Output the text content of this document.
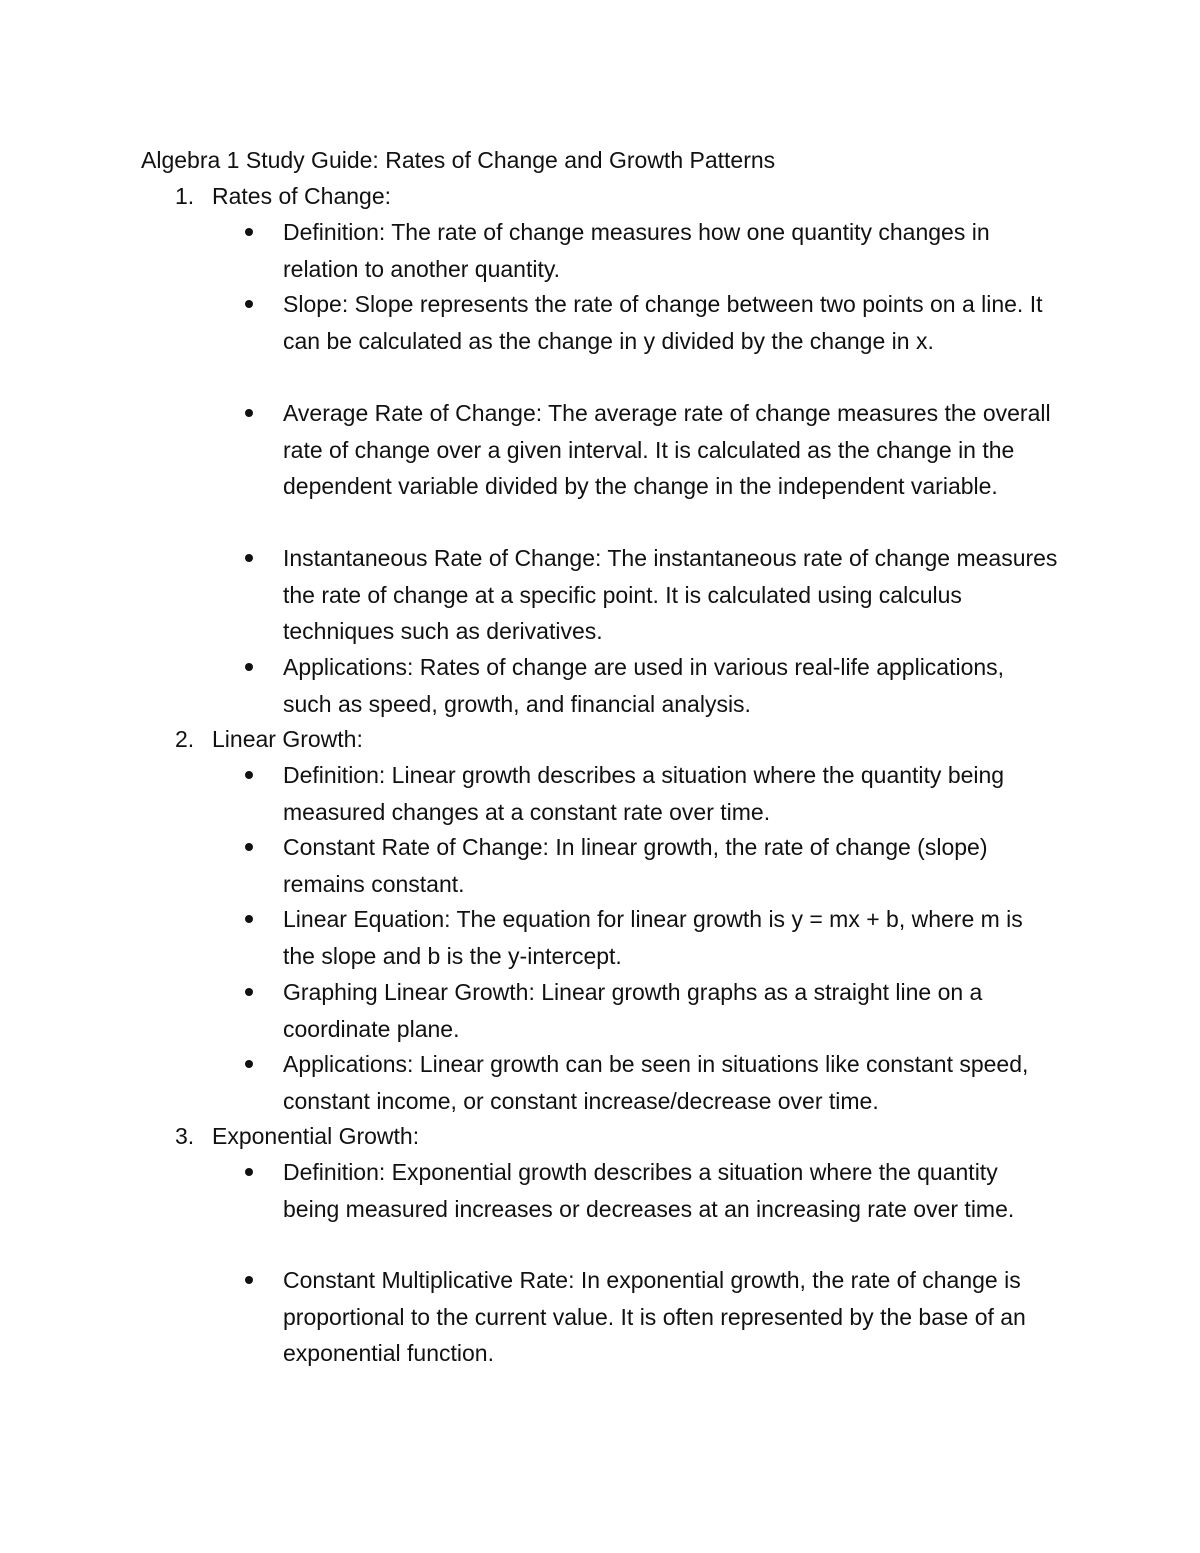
Algebra 1 Study Guide: Rates of Change and Growth Patterns
1. Rates of Change:
Definition: The rate of change measures how one quantity changes in relation to another quantity.
Slope: Slope represents the rate of change between two points on a line. It can be calculated as the change in y divided by the change in x.
Average Rate of Change: The average rate of change measures the overall rate of change over a given interval. It is calculated as the change in the dependent variable divided by the change in the independent variable.
Instantaneous Rate of Change: The instantaneous rate of change measures the rate of change at a specific point. It is calculated using calculus techniques such as derivatives.
Applications: Rates of change are used in various real-life applications, such as speed, growth, and financial analysis.
2. Linear Growth:
Definition: Linear growth describes a situation where the quantity being measured changes at a constant rate over time.
Constant Rate of Change: In linear growth, the rate of change (slope) remains constant.
Linear Equation: The equation for linear growth is y = mx + b, where m is the slope and b is the y-intercept.
Graphing Linear Growth: Linear growth graphs as a straight line on a coordinate plane.
Applications: Linear growth can be seen in situations like constant speed, constant income, or constant increase/decrease over time.
3. Exponential Growth:
Definition: Exponential growth describes a situation where the quantity being measured increases or decreases at an increasing rate over time.
Constant Multiplicative Rate: In exponential growth, the rate of change is proportional to the current value. It is often represented by the base of an exponential function.
